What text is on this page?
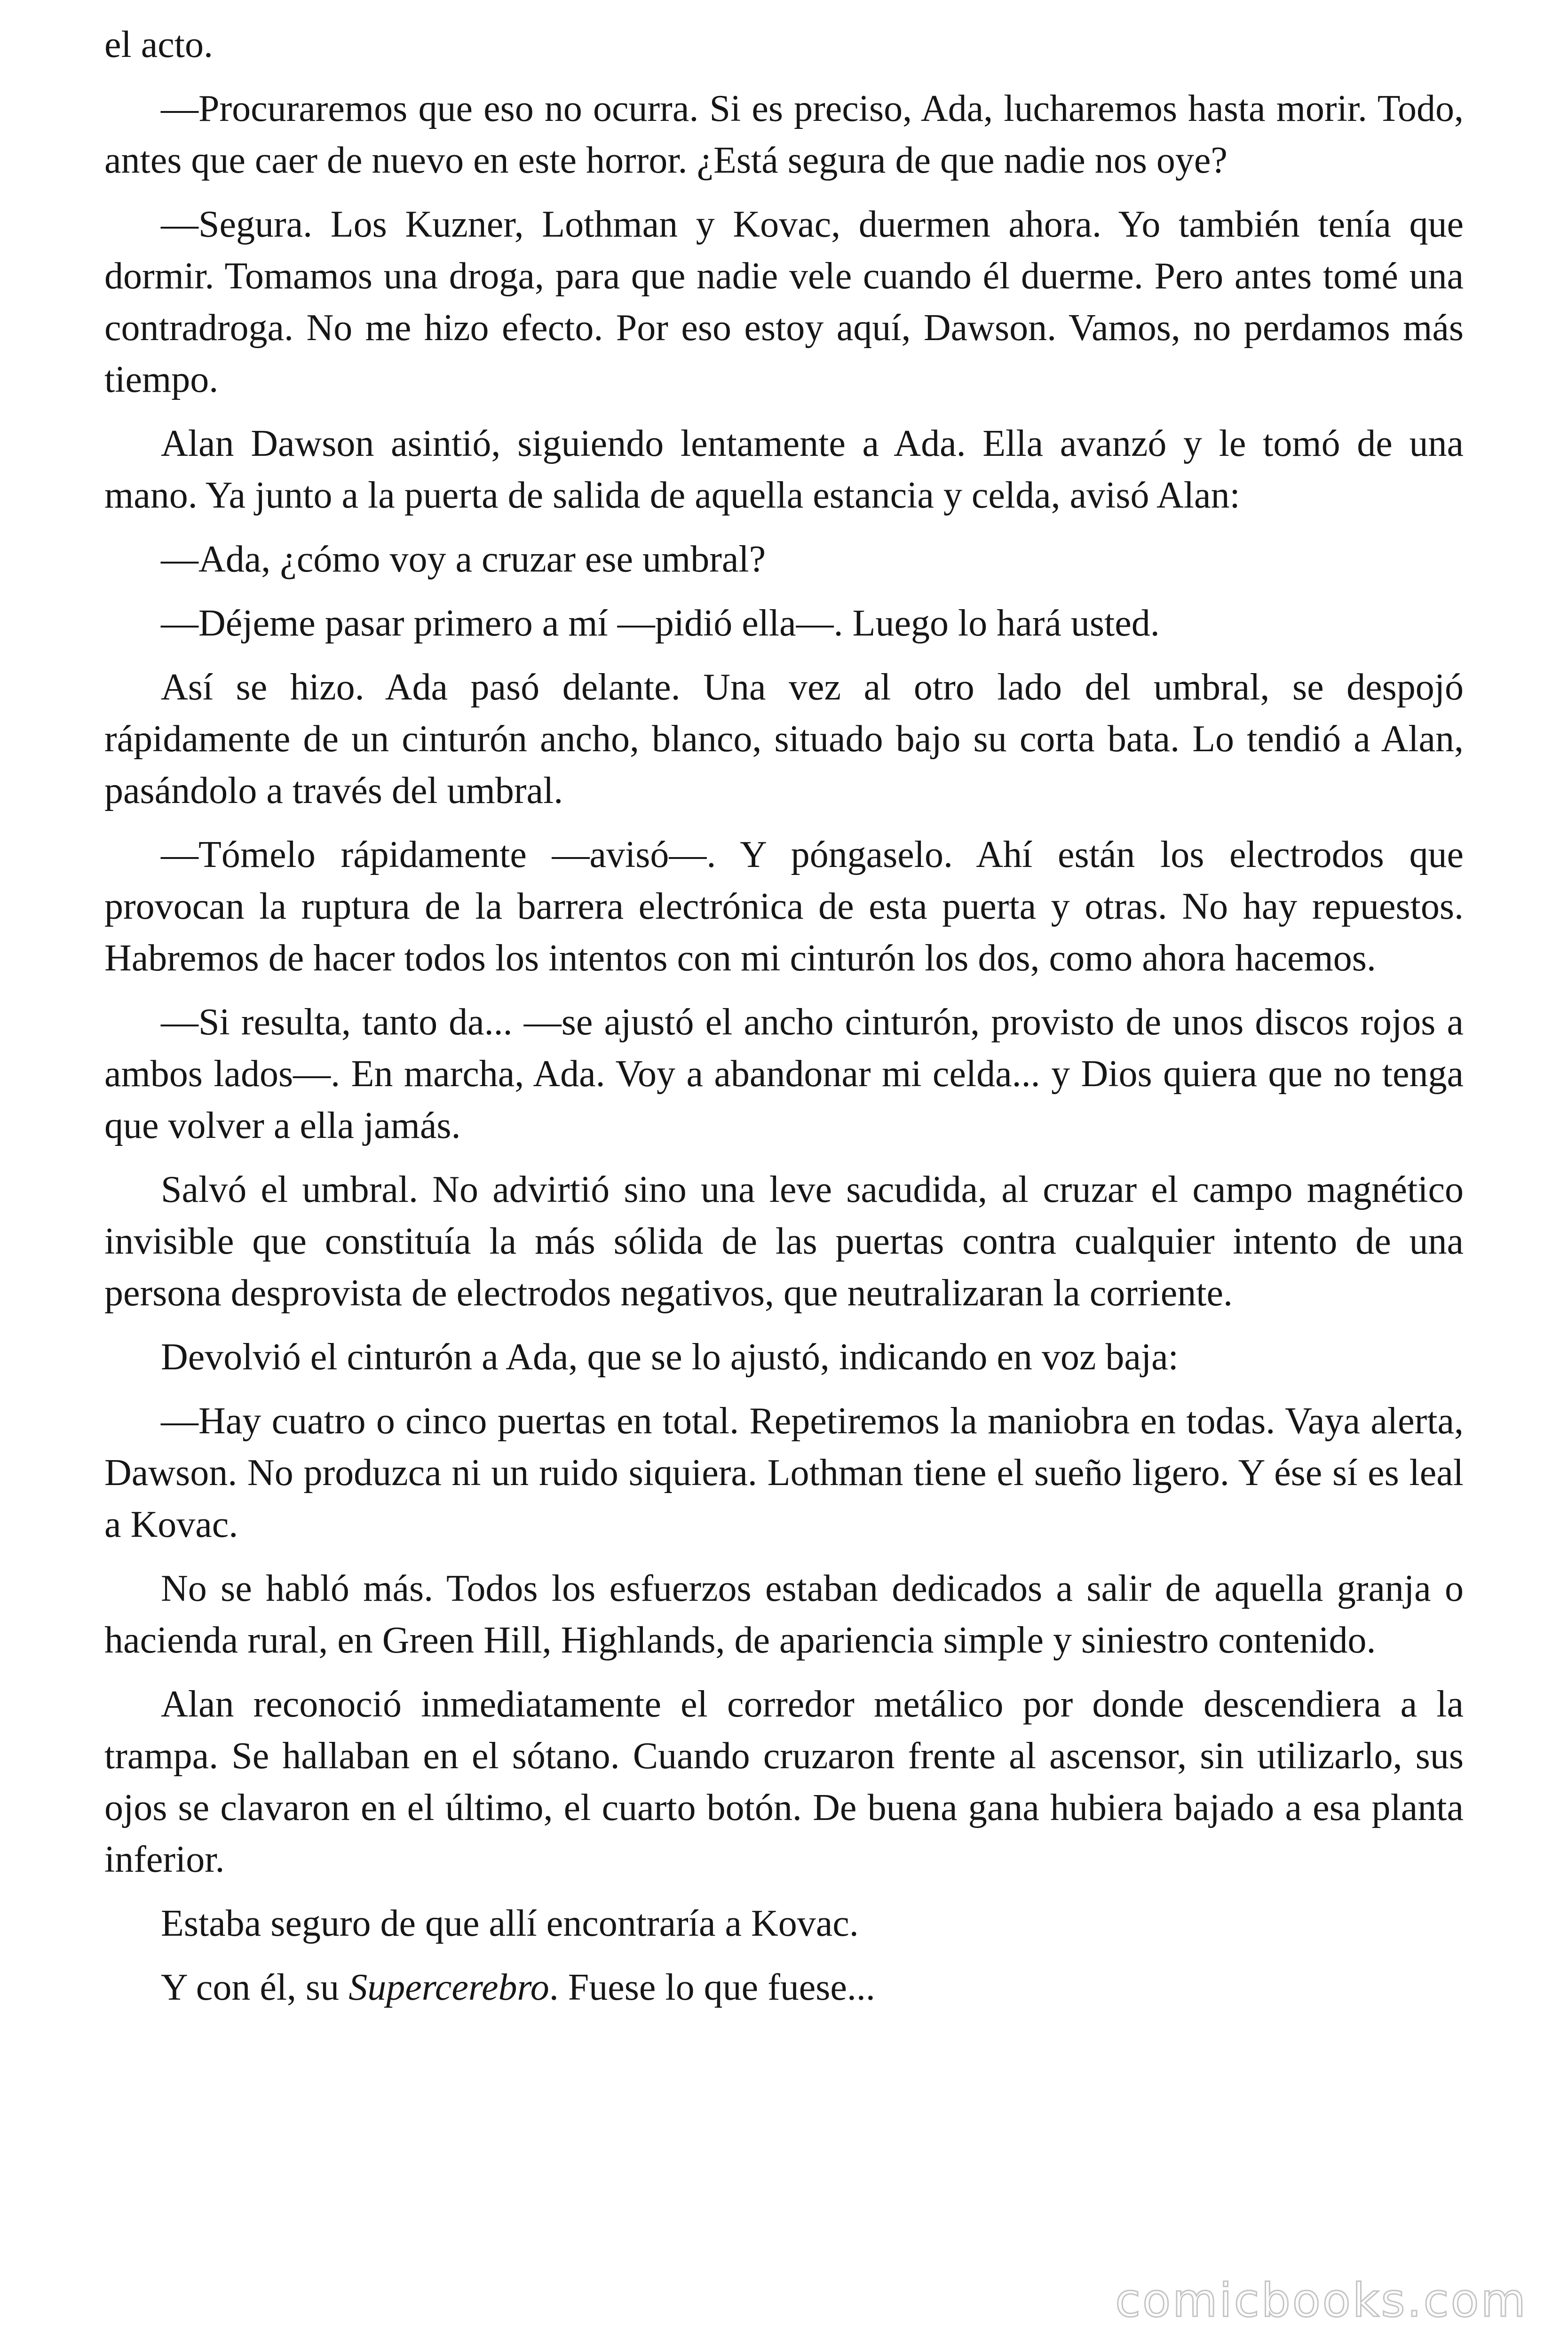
el acto.

—Procuraremos que eso no ocurra. Si es preciso, Ada, lucharemos hasta morir. Todo, antes que caer de nuevo en este horror. ¿Está segura de que nadie nos oye?

—Segura. Los Kuzner, Lothman y Kovac, duermen ahora. Yo también tenía que dormir. Tomamos una droga, para que nadie vele cuando él duerme. Pero antes tomé una contradroga. No me hizo efecto. Por eso estoy aquí, Dawson. Vamos, no perdamos más tiempo.

Alan Dawson asintió, siguiendo lentamente a Ada. Ella avanzó y le tomó de una mano. Ya junto a la puerta de salida de aquella estancia y celda, avisó Alan:

—Ada, ¿cómo voy a cruzar ese umbral?

—Déjeme pasar primero a mí —pidió ella—. Luego lo hará usted.

Así se hizo. Ada pasó delante. Una vez al otro lado del umbral, se despojó rápidamente de un cinturón ancho, blanco, situado bajo su corta bata. Lo tendió a Alan, pasándolo a través del umbral.

—Tómelo rápidamente —avisó—. Y póngaselo. Ahí están los electrodos que provocan la ruptura de la barrera electrónica de esta puerta y otras. No hay repuestos. Habremos de hacer todos los intentos con mi cinturón los dos, como ahora hacemos.

—Si resulta, tanto da... —se ajustó el ancho cinturón, provisto de unos discos rojos a ambos lados—. En marcha, Ada. Voy a abandonar mi celda... y Dios quiera que no tenga que volver a ella jamás.

Salvó el umbral. No advirtió sino una leve sacudida, al cruzar el campo magnético invisible que constituía la más sólida de las puertas contra cualquier intento de una persona desprovista de electrodos negativos, que neutralizaran la corriente.

Devolvió el cinturón a Ada, que se lo ajustó, indicando en voz baja:

—Hay cuatro o cinco puertas en total. Repetiremos la maniobra en todas. Vaya alerta, Dawson. No produzca ni un ruido siquiera. Lothman tiene el sueño ligero. Y ése sí es leal a Kovac.

No se habló más. Todos los esfuerzos estaban dedicados a salir de aquella granja o hacienda rural, en Green Hill, Highlands, de apariencia simple y siniestro contenido.

Alan reconoció inmediatamente el corredor metálico por donde descendiera a la trampa. Se hallaban en el sótano. Cuando cruzaron frente al ascensor, sin utilizarlo, sus ojos se clavaron en el último, el cuarto botón. De buena gana hubiera bajado a esa planta inferior.

Estaba seguro de que allí encontraría a Kovac.

Y con él, su Supercerebro. Fuese lo que fuese...

comicbooks.com
